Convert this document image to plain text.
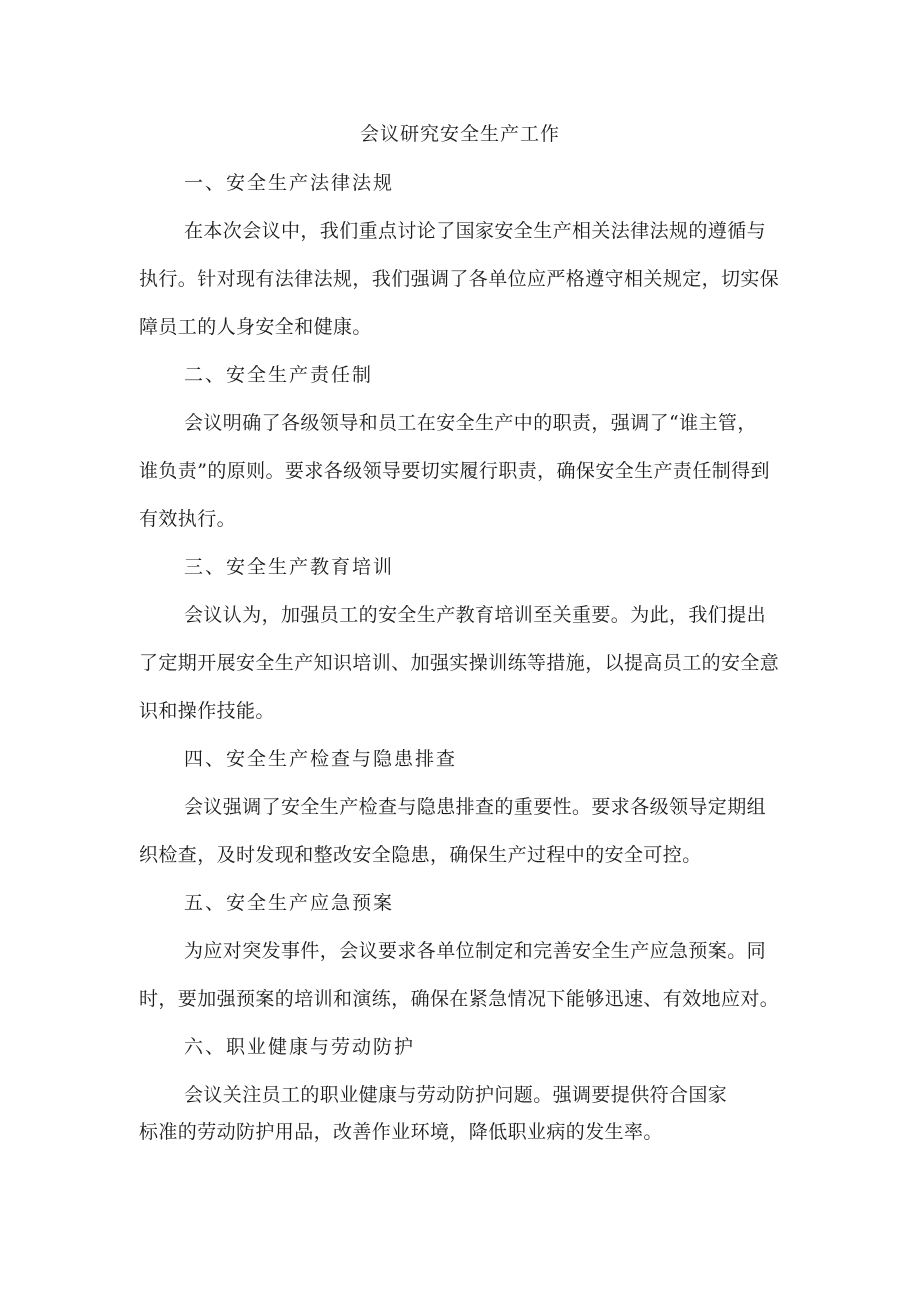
会议研究安全生产工作
一、安全生产法律法规
在本次会议中，我们重点讨论了国家安全生产相关法律法规的遵循与
执行。针对现有法律法规，我们强调了各单位应严格遵守相关规定，切实保
障员工的人身安全和健康。
二、安全生产责任制
会议明确了各级领导和员工在安全生产中的职责，强调了“谁主管，
谁负责”的原则。要求各级领导要切实履行职责，确保安全生产责任制得到
有效执行。
三、安全生产教育培训
会议认为，加强员工的安全生产教育培训至关重要。为此，我们提出
了定期开展安全生产知识培训、加强实操训练等措施，以提高员工的安全意
识和操作技能。
四、安全生产检查与隐患排查
会议强调了安全生产检查与隐患排查的重要性。要求各级领导定期组
织检查，及时发现和整改安全隐患，确保生产过程中的安全可控。
五、安全生产应急预案
为应对突发事件，会议要求各单位制定和完善安全生产应急预案。同
时，要加强预案的培训和演练，确保在紧急情况下能够迅速、有效地应对。
六、职业健康与劳动防护
会议关注员工的职业健康与劳动防护问题。强调要提供符合国家
标准的劳动防护用品，改善作业环境，降低职业病的发生率。
